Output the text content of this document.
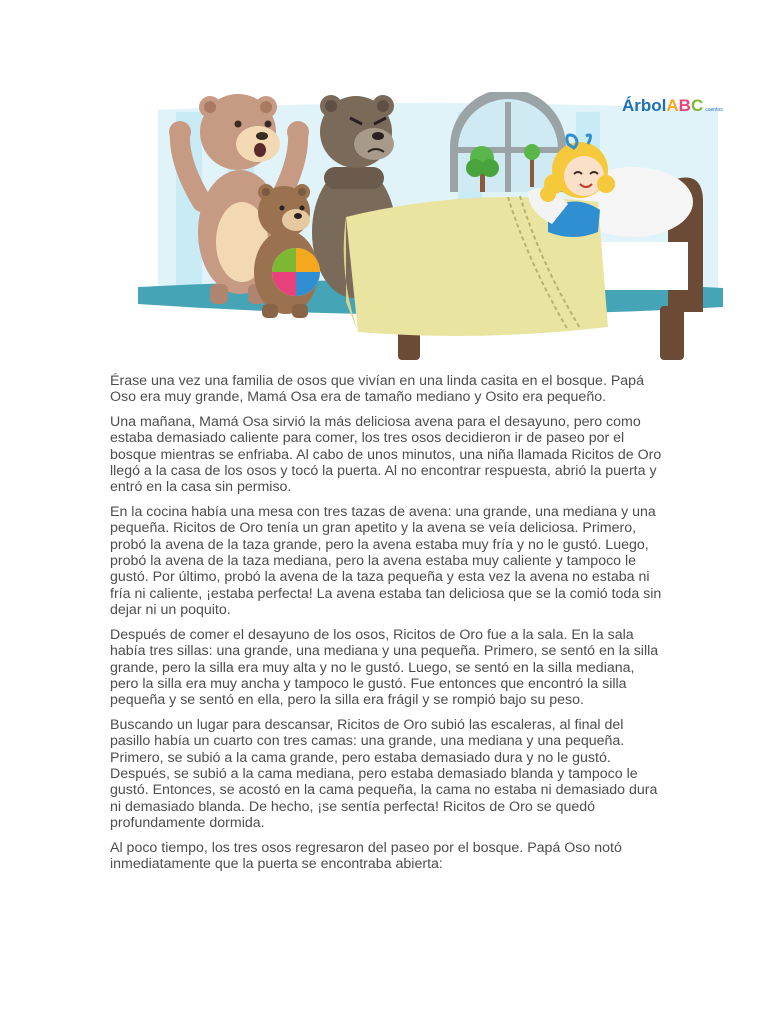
Árbol ABC cuentos

Érase una vez una familia de osos que vivían en una linda casita en el bosque. Papá Oso era muy grande, Mamá Osa era de tamaño mediano y Osito era pequeño.

Una mañana, Mamá Osa sirvió la más deliciosa avena para el desayuno, pero como estaba demasiado caliente para comer, los tres osos decidieron ir de paseo por el bosque mientras se enfriaba. Al cabo de unos minutos, una niña llamada Ricitos de Oro llegó a la casa de los osos y tocó la puerta. Al no encontrar respuesta, abrió la puerta y entró en la casa sin permiso.

En la cocina había una mesa con tres tazas de avena: una grande, una mediana y una pequeña. Ricitos de Oro tenía un gran apetito y la avena se veía deliciosa. Primero, probó la avena de la taza grande, pero la avena estaba muy fría y no le gustó. Luego, probó la avena de la taza mediana, pero la avena estaba muy caliente y tampoco le gustó. Por último, probó la avena de la taza pequeña y esta vez la avena no estaba ni fría ni caliente, ¡estaba perfecta! La avena estaba tan deliciosa que se la comió toda sin dejar ni un poquito.

Después de comer el desayuno de los osos, Ricitos de Oro fue a la sala. En la sala había tres sillas: una grande, una mediana y una pequeña. Primero, se sentó en la silla grande, pero la silla era muy alta y no le gustó. Luego, se sentó en la silla mediana, pero la silla era muy ancha y tampoco le gustó. Fue entonces que encontró la silla pequeña y se sentó en ella, pero la silla era frágil y se rompió bajo su peso.

Buscando un lugar para descansar, Ricitos de Oro subió las escaleras, al final del pasillo había un cuarto con tres camas: una grande, una mediana y una pequeña. Primero, se subió a la cama grande, pero estaba demasiado dura y no le gustó. Después, se subió a la cama mediana, pero estaba demasiado blanda y tampoco le gustó. Entonces, se acostó en la cama pequeña, la cama no estaba ni demasiado dura ni demasiado blanda. De hecho, ¡se sentía perfecta! Ricitos de Oro se quedó profundamente dormida.

Al poco tiempo, los tres osos regresaron del paseo por el bosque. Papá Oso notó inmediatamente que la puerta se encontraba abierta:
